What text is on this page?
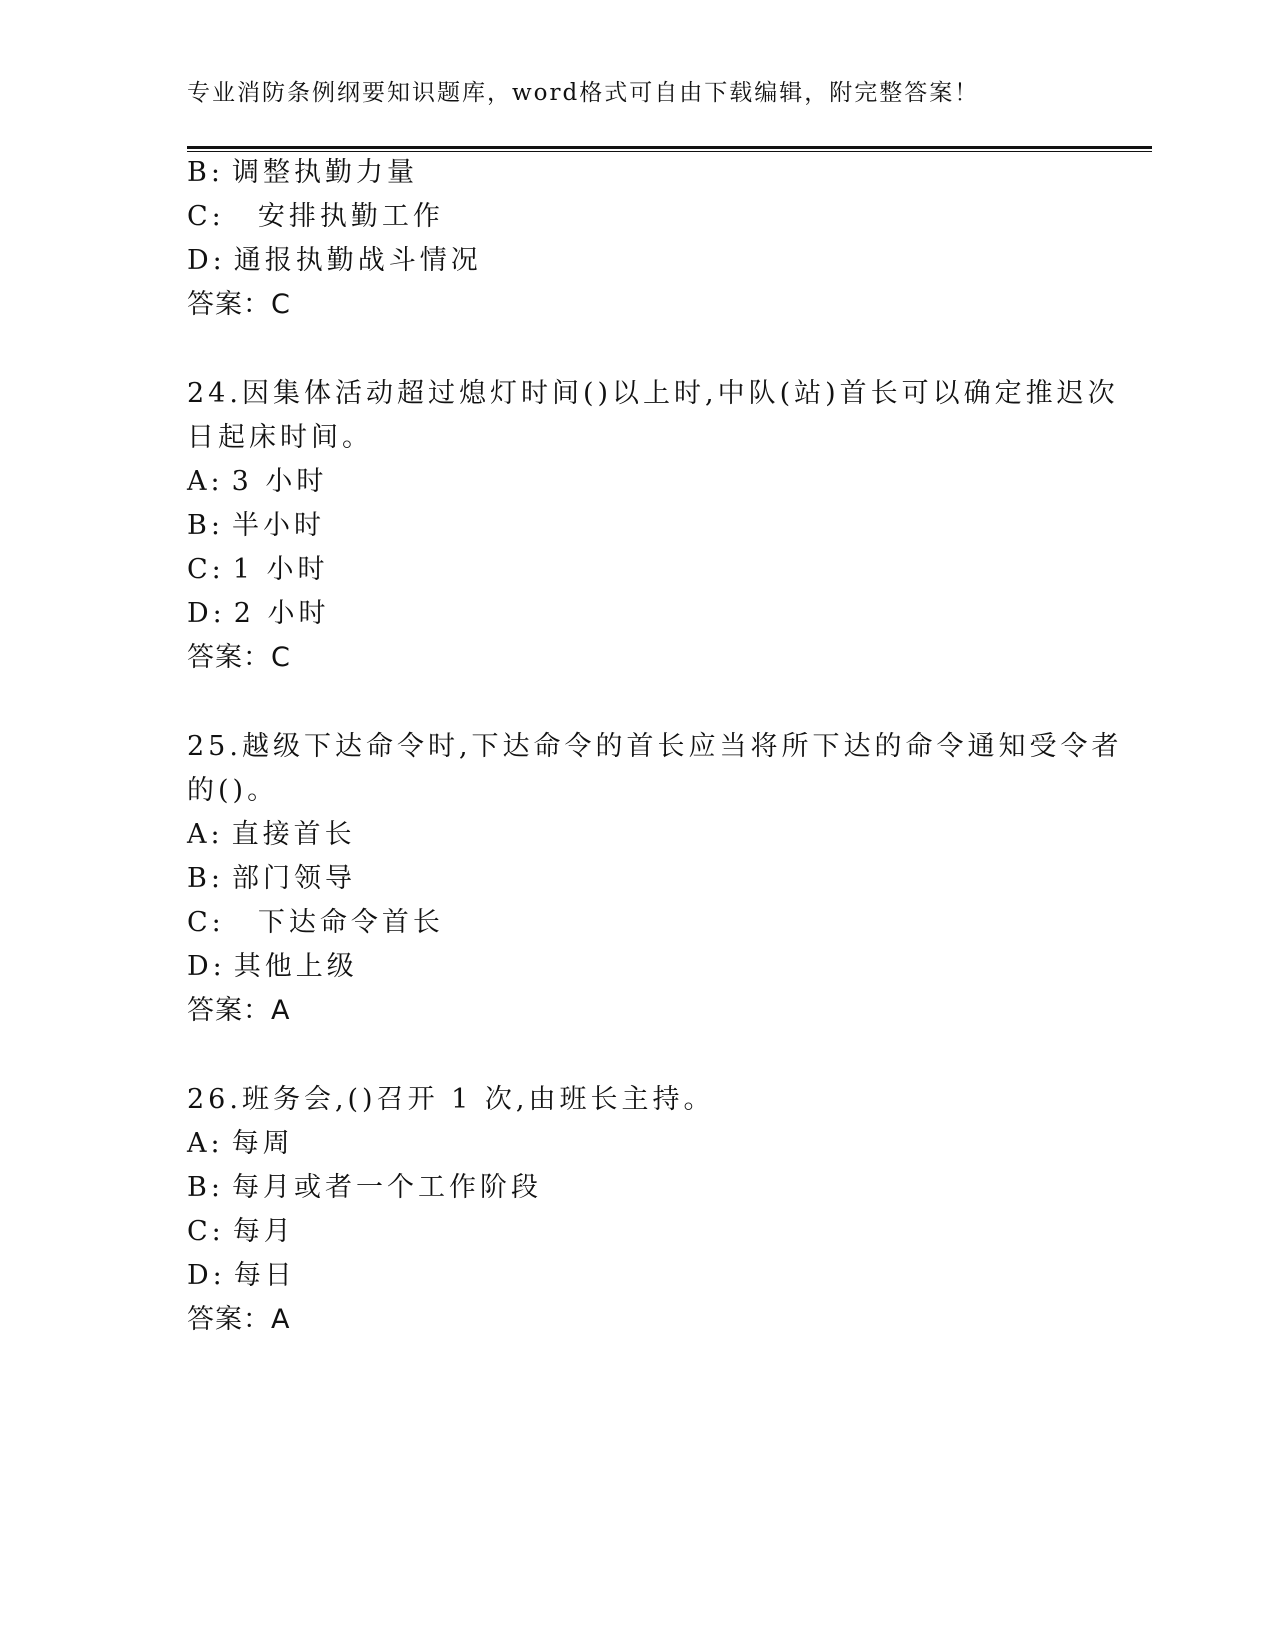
专业消防条例纲要知识题库，word格式可自由下载编辑，附完整答案！
B: 调整执勤力量
C:  安排执勤工作
D: 通报执勤战斗情况
答案：C
24.因集体活动超过熄灯时间()以上时,中队(站)首长可以确定推迟次
日起床时间。
A: 3 小时
B: 半小时
C: 1 小时
D: 2 小时
答案：C
25.越级下达命令时,下达命令的首长应当将所下达的命令通知受令者
的()。
A: 直接首长
B: 部门领导
C:  下达命令首长
D: 其他上级
答案：A
26.班务会,()召开 1 次,由班长主持。
A: 每周
B: 每月或者一个工作阶段
C: 每月
D: 每日
答案：A
